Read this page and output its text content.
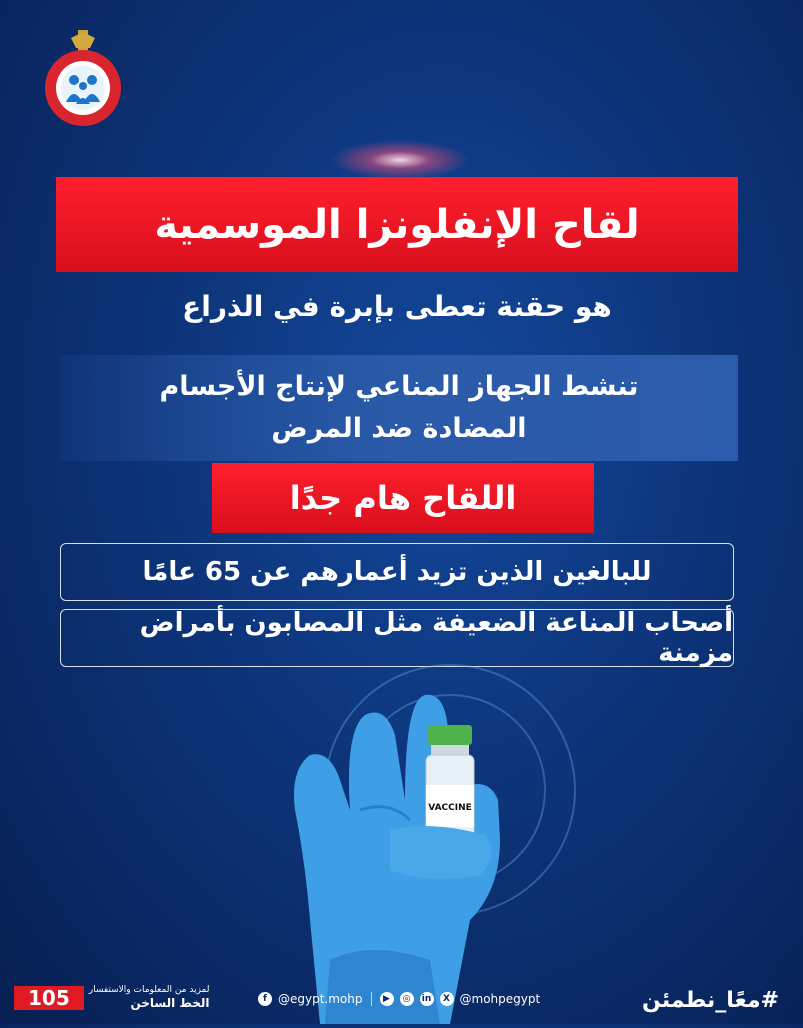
لقاح الإنفلونزا الموسمية
هو حقنة تعطى بإبرة في الذراع
تنشط الجهاز المناعي لإنتاج الأجسام
المضادة ضد المرض
اللقاح هام جدًا
للبالغين الذين تزيد أعمارهم عن 65 عامًا
أصحاب المناعة الضعيفة مثل المصابون بأمراض مزمنة
VACCINE
105	لمزيد من المعلومات والاستفسار
الخط الساخن	f @egypt.mohp	▶	◎	in	X @mohpegypt	#معًا_نطمئن
